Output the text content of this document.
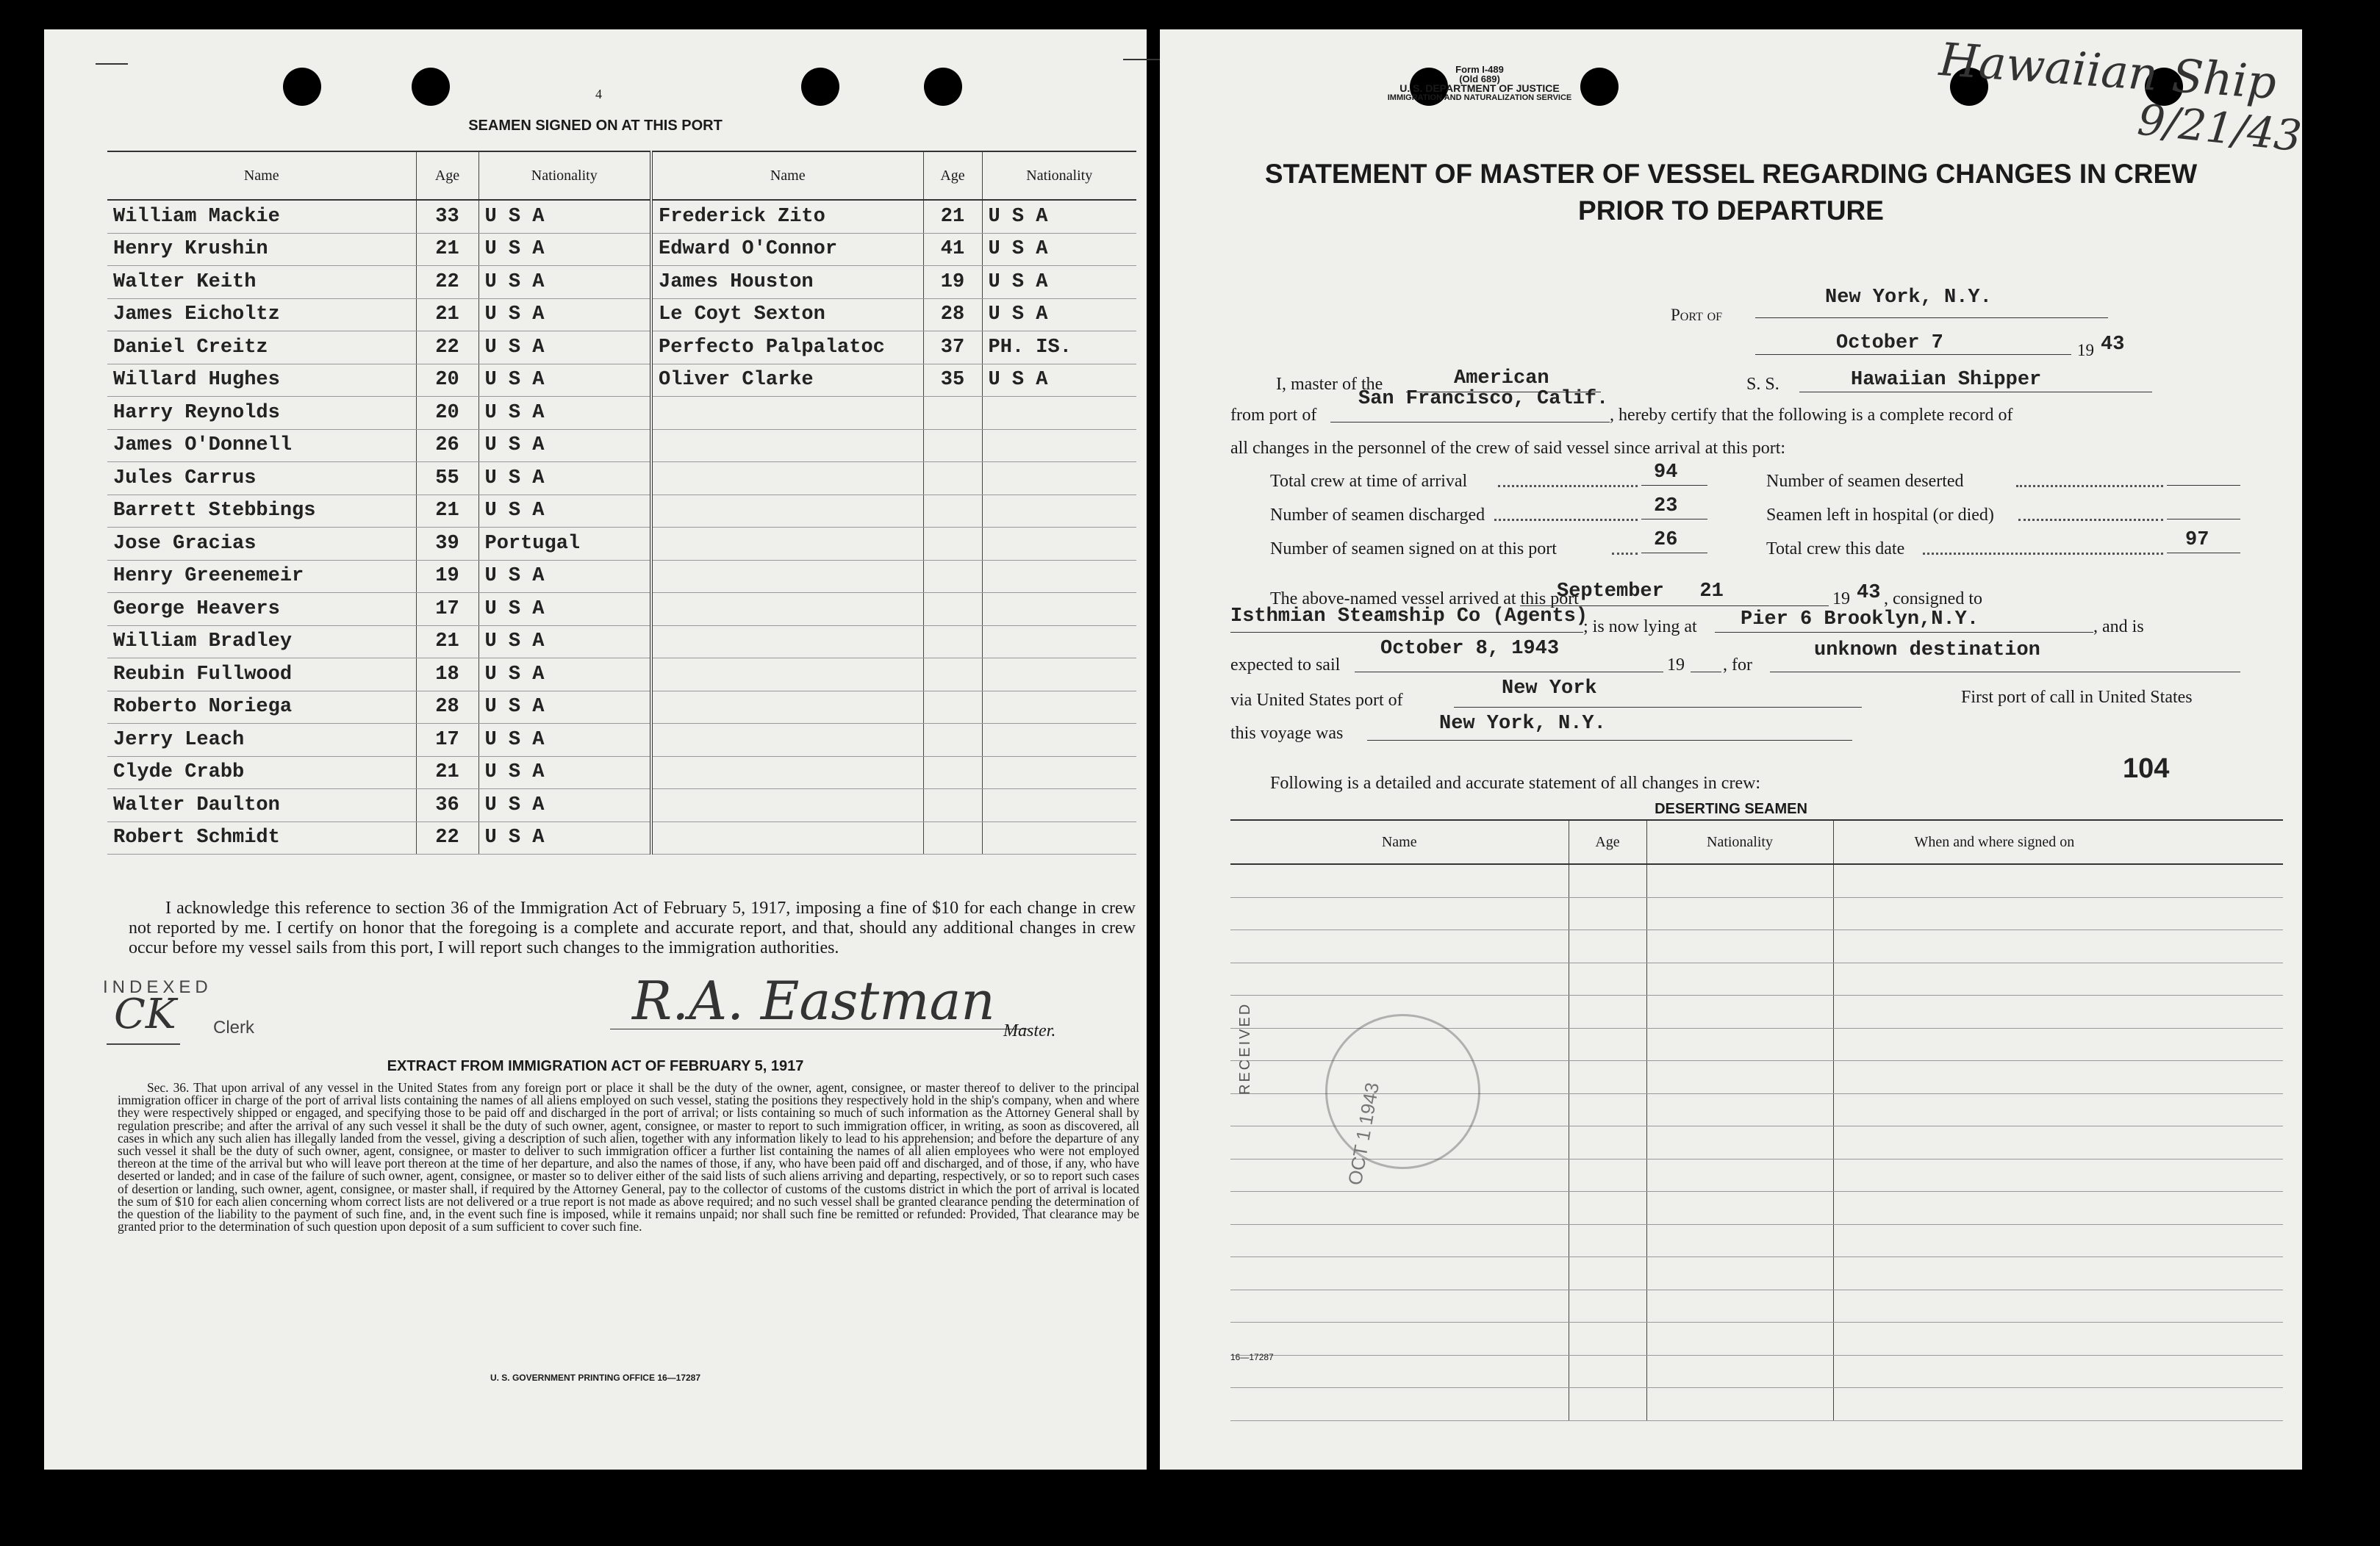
4
SEAMEN SIGNED ON AT THIS PORT
Name	Age	Nationality	Name	Age	Nationality
William Mackie	33	U S A	Frederick Zito	21	U S A
Henry Krushin	21	U S A	Edward O'Connor	41	U S A
Walter Keith	22	U S A	James Houston	19	U S A
James Eicholtz	21	U S A	Le Coyt Sexton	28	U S A
Daniel Creitz	22	U S A	Perfecto Palpalatoc	37	PH. IS.
Willard Hughes	20	U S A	Oliver Clarke	35	U S A
Harry Reynolds	20	U S A			
James O'Donnell	26	U S A			
Jules Carrus	55	U S A			
Barrett Stebbings	21	U S A			
Jose Gracias	39	Portugal			
Henry Greenemeir	19	U S A			
George Heavers	17	U S A			
William Bradley	21	U S A			
Reubin Fullwood	18	U S A			
Roberto Noriega	28	U S A			
Jerry Leach	17	U S A			
Clyde Crabb	21	U S A			
Walter Daulton	36	U S A			
Robert Schmidt	22	U S A			
I acknowledge this reference to section 36 of the Immigration Act of February 5, 1917, imposing a fine of $10 for each change in crew not reported by me. I certify on honor that the foregoing is a complete and accurate report, and that, should any additional changes in crew occur before my vessel sails from this port, I will report such changes to the immigration authorities.
INDEXED
CK Clerk	R.A. Eastman Master.
EXTRACT FROM IMMIGRATION ACT OF FEBRUARY 5, 1917
Sec. 36. That upon arrival of any vessel in the United States from any foreign port or place it shall be the duty of the owner, agent, consignee, or master thereof to deliver to the principal immigration officer in charge of the port of arrival lists containing the names of all aliens employed on such vessel, stating the positions they respectively hold in the ship's company, when and where they were respectively shipped or engaged, and specifying those to be paid off and discharged in the port of arrival; or lists containing so much of such information as the Attorney General shall by regulation prescribe; and after the arrival of any such vessel it shall be the duty of such owner, agent, consignee, or master to report to such immigration officer, in writing, as soon as discovered, all cases in which any such alien has illegally landed from the vessel, giving a description of such alien, together with any information likely to lead to his apprehension; and before the departure of any such vessel it shall be the duty of such owner, agent, consignee, or master to deliver to such immigration officer a further list containing the names of all alien employees who were not employed thereon at the time of the arrival but who will leave port thereon at the time of her departure, and also the names of those, if any, who have been paid off and discharged, and of those, if any, who have deserted or landed; and in case of the failure of such owner, agent, consignee, or master so to deliver either of the said lists of such aliens arriving and departing, respectively, or so to report such cases of desertion or landing, such owner, agent, consignee, or master shall, if required by the Attorney General, pay to the collector of customs of the customs district in which the port of arrival is located the sum of $10 for each alien concerning whom correct lists are not delivered or a true report is not made as above required; and no such vessel shall be granted clearance pending the determination of the question of the liability to the payment of such fine, and, in the event such fine is imposed, while it remains unpaid; nor shall such fine be remitted or refunded: Provided, That clearance may be granted prior to the determination of such question upon deposit of a sum sufficient to cover such fine.
U. S. GOVERNMENT PRINTING OFFICE 16—17287
Form I-489
(Old 689)
U. S. DEPARTMENT OF JUSTICE
IMMIGRATION AND NATURALIZATION SERVICE	Hawaiian Ship
9/21/43
STATEMENT OF MASTER OF VESSEL REGARDING CHANGES IN CREW
PRIOR TO DEPARTURE
Port of
New York, N.Y.
October 7	19 43
I, master of the	American	S. S.	Hawaiian Shipper
from port of
San Francisco, Calif.
, hereby certify that the following is a complete record of
all changes in the personnel of the crew of said vessel since arrival at this port:
Total crew at time of arrival	94
Number of seamen discharged	23
Number of seamen signed on at this port	26
Number of seamen deserted
Seamen left in hospital (or died)
Total crew this date	97
The above-named vessel arrived at this port
September   21	19 43 , consigned to
Isthmian Steamship Co (Agents)
; is now lying at Pier 6 Brooklyn,N.Y.	, and is
expected to sail
October 8, 1943
19 , for
unknown destination
via United States port of
New York	First port of call in United States
this voyage was	New York, N.Y.
104
Following is a detailed and accurate statement of all changes in crew:
DESERTING SEAMEN
Name	Age	Nationality	When and where signed on

RECEIVED
OCT 1 1943
16—17287
